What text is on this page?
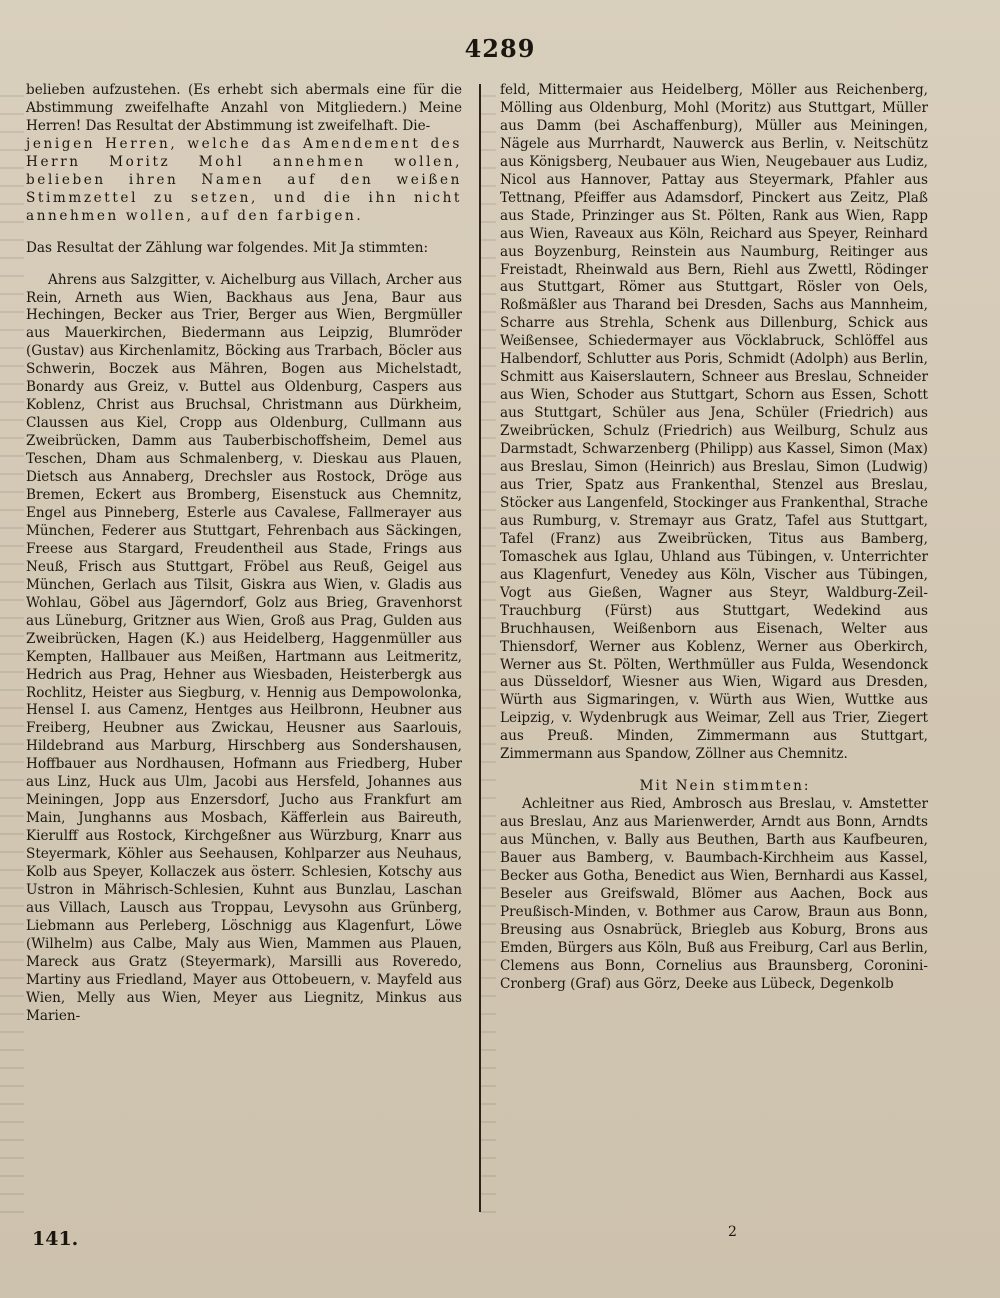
4289

belieben aufzustehen. (Es erhebt sich abermals eine für die Abstimmung zweifelhafte Anzahl von Mitgliedern.) Meine Herren! Das Resultat der Abstimmung ist zweifelhaft. Die-

jenigen Herren, welche das Amendement des Herrn Moritz Mohl annehmen wollen, belieben ihren Namen auf den weißen Stimmzettel zu setzen, und die ihn nicht annehmen wollen, auf den farbigen.

Das Resultat der Zählung war folgendes. Mit Ja stimmten:

Ahrens aus Salzgitter, v. Aichelburg aus Villach, Archer aus Rein, Arneth aus Wien, Backhaus aus Jena, Baur aus Hechingen, Becker aus Trier, Berger aus Wien, Bergmüller aus Mauerkirchen, Biedermann aus Leipzig, Blumröder (Gustav) aus Kirchenlamitz, Böcking aus Trarbach, Böcler aus Schwerin, Boczek aus Mähren, Bogen aus Michelstadt, Bonardy aus Greiz, v. Buttel aus Oldenburg, Caspers aus Koblenz, Christ aus Bruchsal, Christmann aus Dürkheim, Claussen aus Kiel, Cropp aus Oldenburg, Cullmann aus Zweibrücken, Damm aus Tauberbischoffsheim, Demel aus Teschen, Dham aus Schmalenberg, v. Dieskau aus Plauen, Dietsch aus Annaberg, Drechsler aus Rostock, Dröge aus Bremen, Eckert aus Bromberg, Eisenstuck aus Chemnitz, Engel aus Pinneberg, Esterle aus Cavalese, Fallmerayer aus München, Federer aus Stuttgart, Fehrenbach aus Säckingen, Freese aus Stargard, Freudentheil aus Stade, Frings aus Neuß, Frisch aus Stuttgart, Fröbel aus Reuß, Geigel aus München, Gerlach aus Tilsit, Giskra aus Wien, v. Gladis aus Wohlau, Göbel aus Jägerndorf, Golz aus Brieg, Gravenhorst aus Lüneburg, Gritzner aus Wien, Groß aus Prag, Gulden aus Zweibrücken, Hagen (K.) aus Heidelberg, Haggenmüller aus Kempten, Hallbauer aus Meißen, Hartmann aus Leitmeritz, Hedrich aus Prag, Hehner aus Wiesbaden, Heisterbergk aus Rochlitz, Heister aus Siegburg, v. Hennig aus Dempowolonka, Hensel I. aus Camenz, Hentges aus Heilbronn, Heubner aus Freiberg, Heubner aus Zwickau, Heusner aus Saarlouis, Hildebrand aus Marburg, Hirschberg aus Sondershausen, Hoffbauer aus Nordhausen, Hofmann aus Friedberg, Huber aus Linz, Huck aus Ulm, Jacobi aus Hersfeld, Johannes aus Meiningen, Jopp aus Enzersdorf, Jucho aus Frankfurt am Main, Junghanns aus Mosbach, Käfferlein aus Baireuth, Kierulff aus Rostock, Kirchgeßner aus Würzburg, Knarr aus Steyermark, Köhler aus Seehausen, Kohlparzer aus Neuhaus, Kolb aus Speyer, Kollaczek aus österr. Schlesien, Kotschy aus Ustron in Mährisch-Schlesien, Kuhnt aus Bunzlau, Laschan aus Villach, Lausch aus Troppau, Levysohn aus Grünberg, Liebmann aus Perleberg, Löschnigg aus Klagenfurt, Löwe (Wilhelm) aus Calbe, Maly aus Wien, Mammen aus Plauen, Mareck aus Gratz (Steyermark), Marsilli aus Roveredo, Martiny aus Friedland, Mayer aus Ottobeuern, v. Mayfeld aus Wien, Melly aus Wien, Meyer aus Liegnitz, Minkus aus Marien-

feld, Mittermaier aus Heidelberg, Möller aus Reichenberg, Mölling aus Oldenburg, Mohl (Moritz) aus Stuttgart, Müller aus Damm (bei Aschaffenburg), Müller aus Meiningen, Nägele aus Murrhardt, Nauwerck aus Berlin, v. Neitschütz aus Königsberg, Neubauer aus Wien, Neugebauer aus Ludiz, Nicol aus Hannover, Pattay aus Steyermark, Pfahler aus Tettnang, Pfeiffer aus Adamsdorf, Pinckert aus Zeitz, Plaß aus Stade, Prinzinger aus St. Pölten, Rank aus Wien, Rapp aus Wien, Raveaux aus Köln, Reichard aus Speyer, Reinhard aus Boyzenburg, Reinstein aus Naumburg, Reitinger aus Freistadt, Rheinwald aus Bern, Riehl aus Zwettl, Rödinger aus Stuttgart, Römer aus Stuttgart, Rösler von Oels, Roßmäßler aus Tharand bei Dresden, Sachs aus Mannheim, Scharre aus Strehla, Schenk aus Dillenburg, Schick aus Weißensee, Schiedermayer aus Vöcklabruck, Schlöffel aus Halbendorf, Schlutter aus Poris, Schmidt (Adolph) aus Berlin, Schmitt aus Kaiserslautern, Schneer aus Breslau, Schneider aus Wien, Schoder aus Stuttgart, Schorn aus Essen, Schott aus Stuttgart, Schüler aus Jena, Schüler (Friedrich) aus Zweibrücken, Schulz (Friedrich) aus Weilburg, Schulz aus Darmstadt, Schwarzenberg (Philipp) aus Kassel, Simon (Max) aus Breslau, Simon (Heinrich) aus Breslau, Simon (Ludwig) aus Trier, Spatz aus Frankenthal, Stenzel aus Breslau, Stöcker aus Langenfeld, Stockinger aus Frankenthal, Strache aus Rumburg, v. Stremayr aus Gratz, Tafel aus Stuttgart, Tafel (Franz) aus Zweibrücken, Titus aus Bamberg, Tomaschek aus Iglau, Uhland aus Tübingen, v. Unterrichter aus Klagenfurt, Venedey aus Köln, Vischer aus Tübingen, Vogt aus Gießen, Wagner aus Steyr, Waldburg-Zeil-Trauchburg (Fürst) aus Stuttgart, Wedekind aus Bruchhausen, Weißenborn aus Eisenach, Welter aus Thiensdorf, Werner aus Koblenz, Werner aus Oberkirch, Werner aus St. Pölten, Werthmüller aus Fulda, Wesendonck aus Düsseldorf, Wiesner aus Wien, Wigard aus Dresden, Würth aus Sigmaringen, v. Würth aus Wien, Wuttke aus Leipzig, v. Wydenbrugk aus Weimar, Zell aus Trier, Ziegert aus Preuß. Minden, Zimmermann aus Stuttgart, Zimmermann aus Spandow, Zöllner aus Chemnitz.

Mit Nein stimmten:

Achleitner aus Ried, Ambrosch aus Breslau, v. Amstetter aus Breslau, Anz aus Marienwerder, Arndt aus Bonn, Arndts aus München, v. Bally aus Beuthen, Barth aus Kaufbeuren, Bauer aus Bamberg, v. Baumbach-Kirchheim aus Kassel, Becker aus Gotha, Benedict aus Wien, Bernhardi aus Kassel, Beseler aus Greifswald, Blömer aus Aachen, Bock aus Preußisch-Minden, v. Bothmer aus Carow, Braun aus Bonn, Breusing aus Osnabrück, Briegleb aus Koburg, Brons aus Emden, Bürgers aus Köln, Buß aus Freiburg, Carl aus Berlin, Clemens aus Bonn, Cornelius aus Braunsberg, Coronini-Cronberg (Graf) aus Görz, Deeke aus Lübeck, Degenkolb

141.	2
